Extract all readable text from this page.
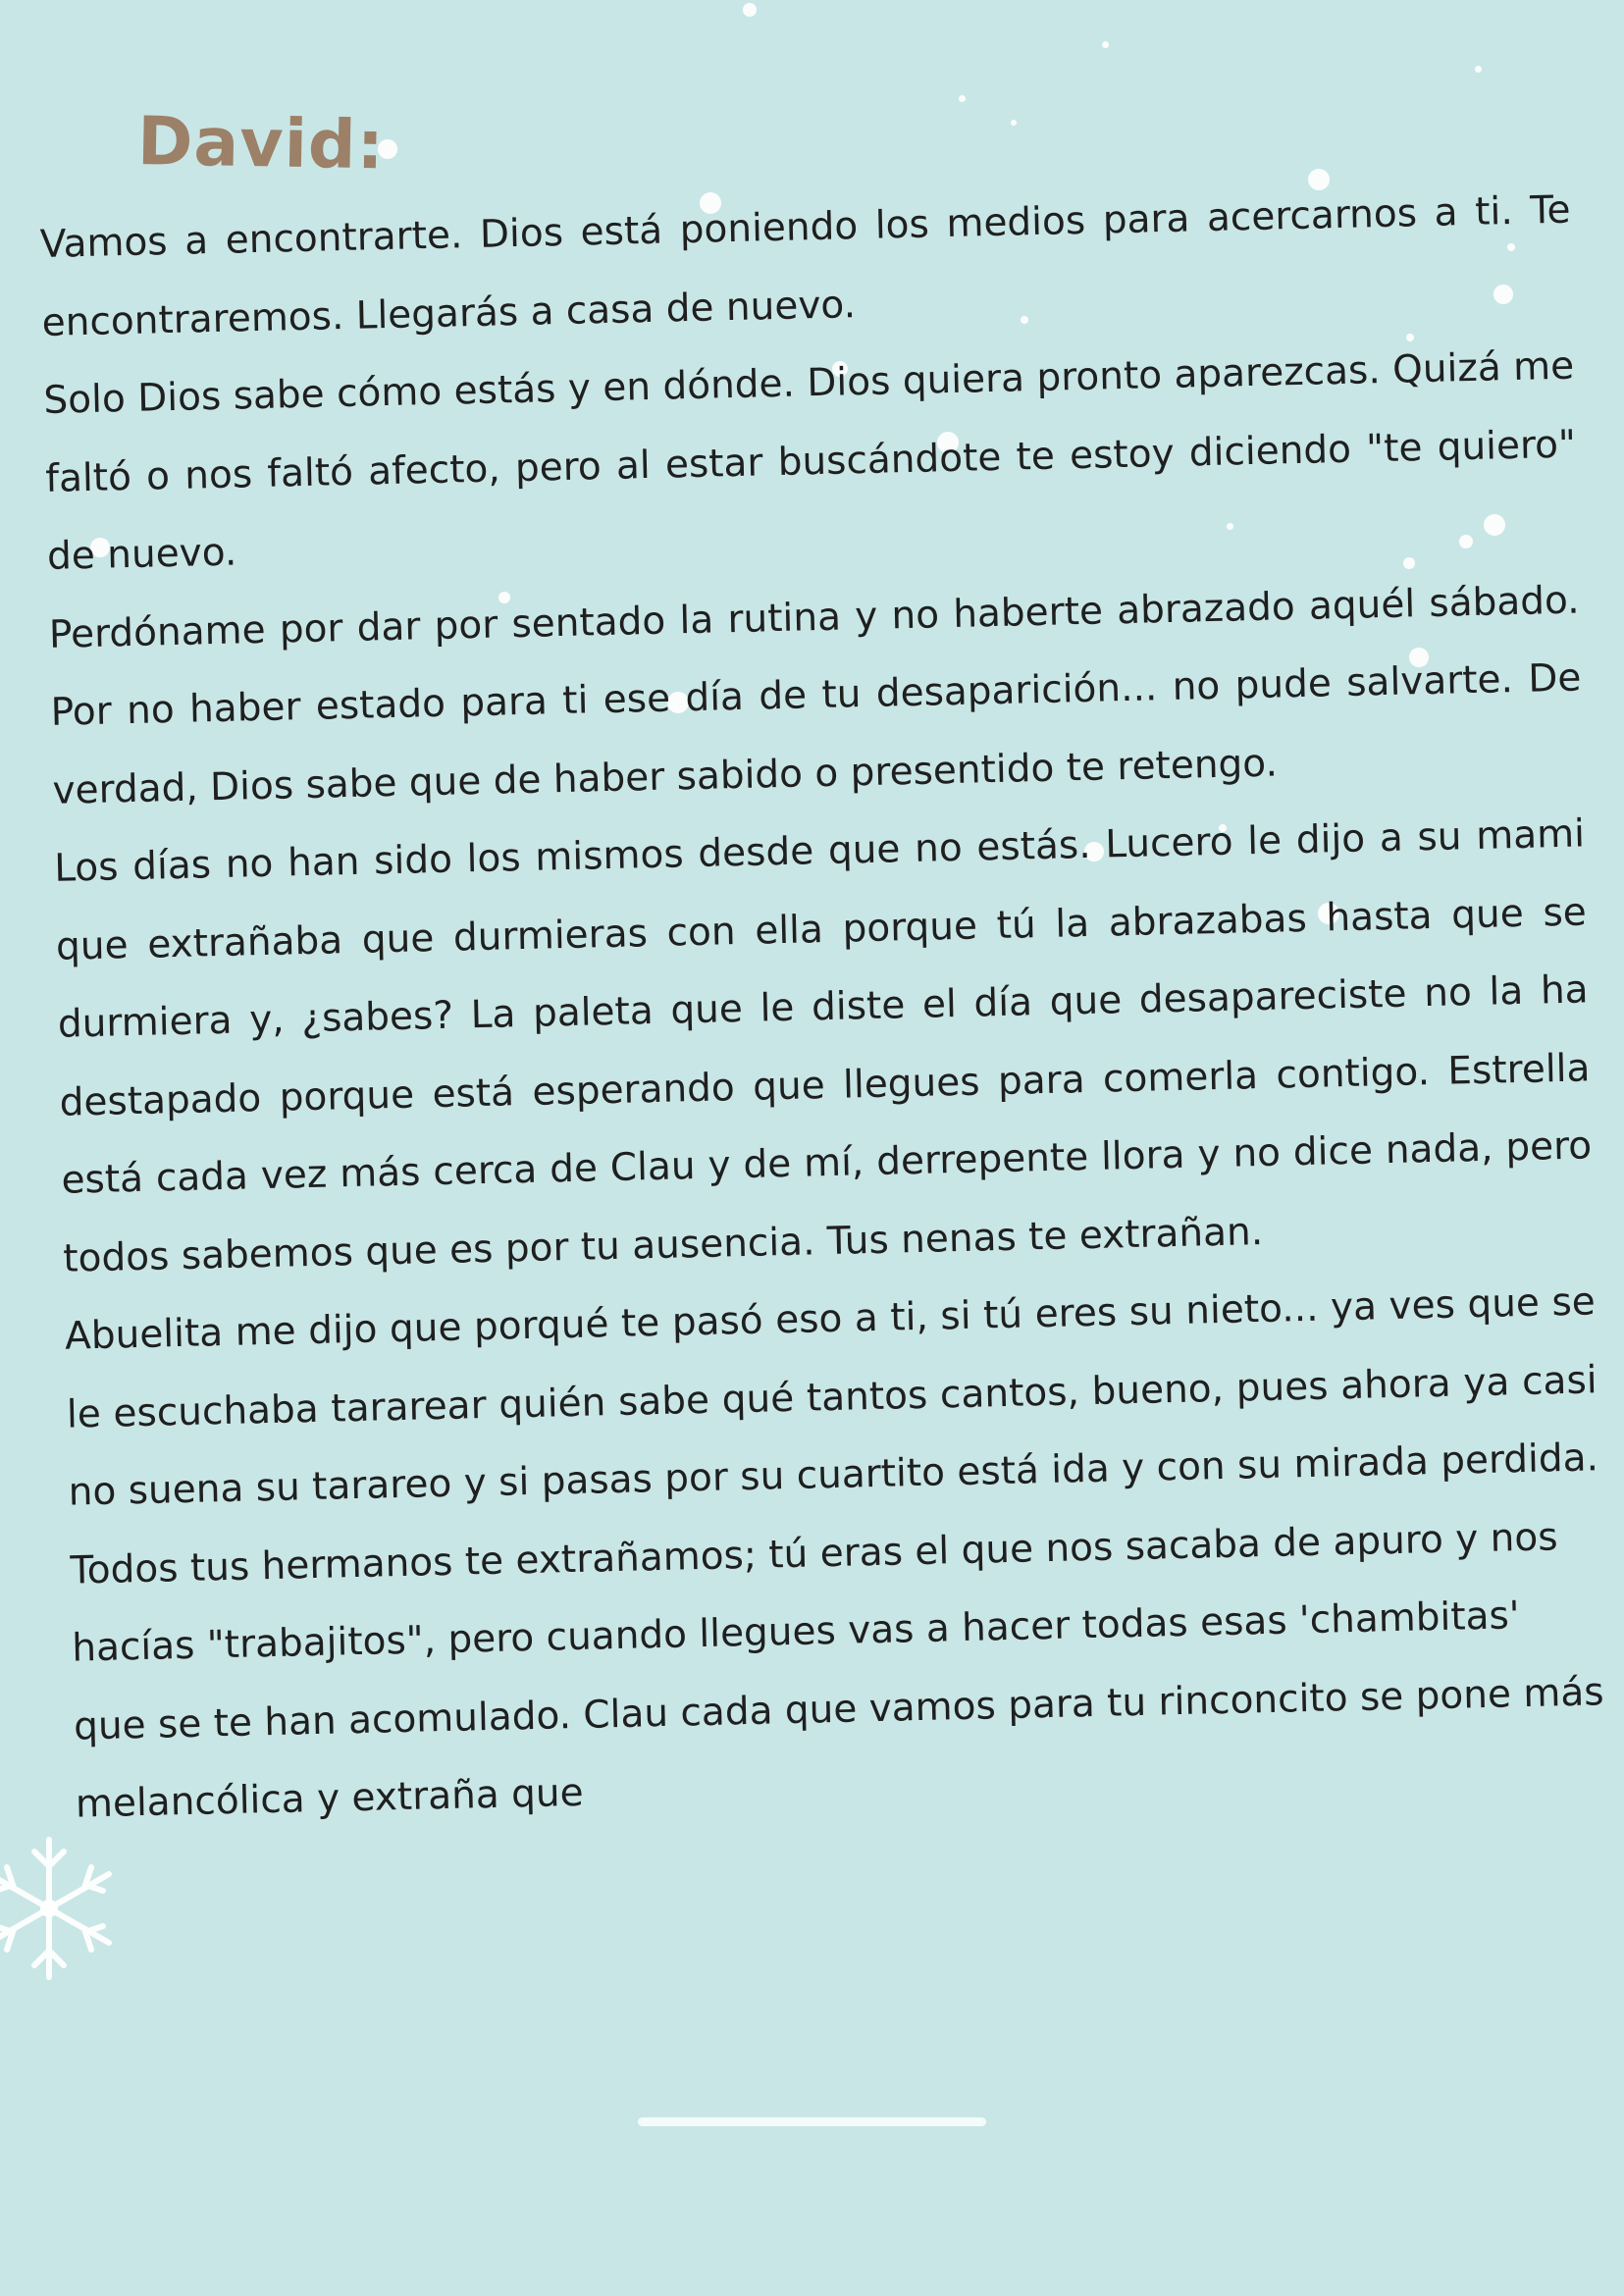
David:

Vamos a encontrarte. Dios está poniendo los medios para acercarnos a ti. Te encontraremos. Llegarás a casa de nuevo.

Solo Dios sabe cómo estás y en dónde. Dios quiera pronto aparezcas. Quizá me faltó o nos faltó afecto, pero al estar buscándote te estoy diciendo "te quiero" de nuevo.

Perdóname por dar por sentado la rutina y no haberte abrazado aquél sábado. Por no haber estado para ti ese día de tu desaparición... no pude salvarte. De verdad, Dios sabe que de haber sabido o presentido te retengo.

Los días no han sido los mismos desde que no estás. Lucero le dijo a su mami que extrañaba que durmieras con ella porque tú la abrazabas hasta que se durmiera y, ¿sabes? La paleta que le diste el día que desapareciste no la ha destapado porque está esperando que llegues para comerla contigo. Estrella está cada vez más cerca de Clau y de mí, derrepente llora y no dice nada, pero todos sabemos que es por tu ausencia. Tus nenas te extrañan.

Abuelita me dijo que porqué te pasó eso a ti, si tú eres su nieto... ya ves que se le escuchaba tararear quién sabe qué tantos cantos, bueno, pues ahora ya casi no suena su tarareo y si pasas por su cuartito está ida y con su mirada perdida.

Todos tus hermanos te extrañamos; tú eras el que nos sacaba de apuro y nos hacías "trabajitos", pero cuando llegues vas a hacer todas esas 'chambitas' que se te han acomulado. Clau cada que vamos para tu rinconcito se pone más melancólica y extraña que
